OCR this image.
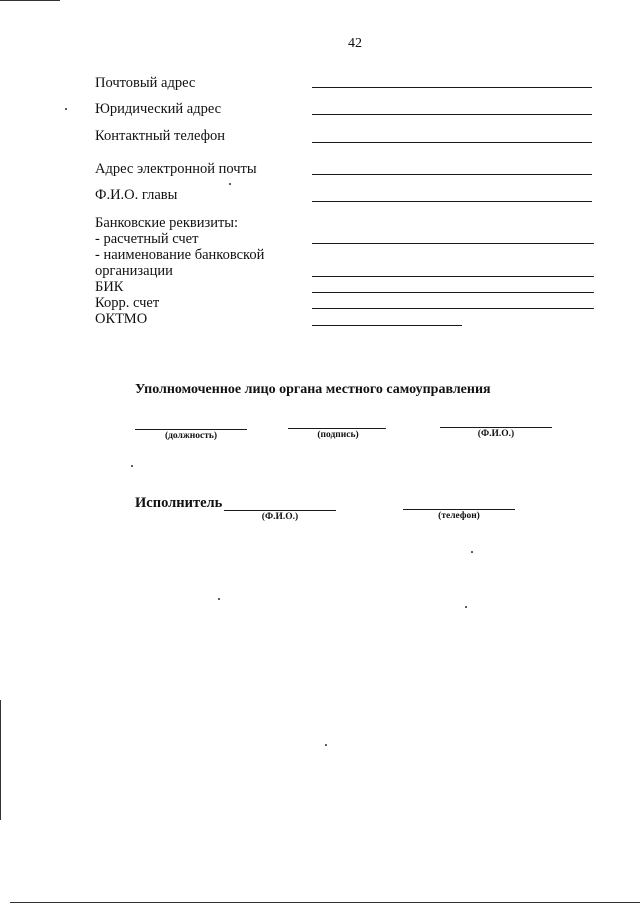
42
Почтовый адрес
Юридический адрес
Контактный телефон
Адрес электронной почты
Ф.И.О. главы
Банковские реквизиты:
- расчетный счет
- наименование банковской
организации
БИК
Корр. счет
ОКТМО
Уполномоченное лицо органа местного самоуправления
(должность)	(подпись)	(Ф.И.О.)
Исполнитель
(Ф.И.О.)	(телефон)
